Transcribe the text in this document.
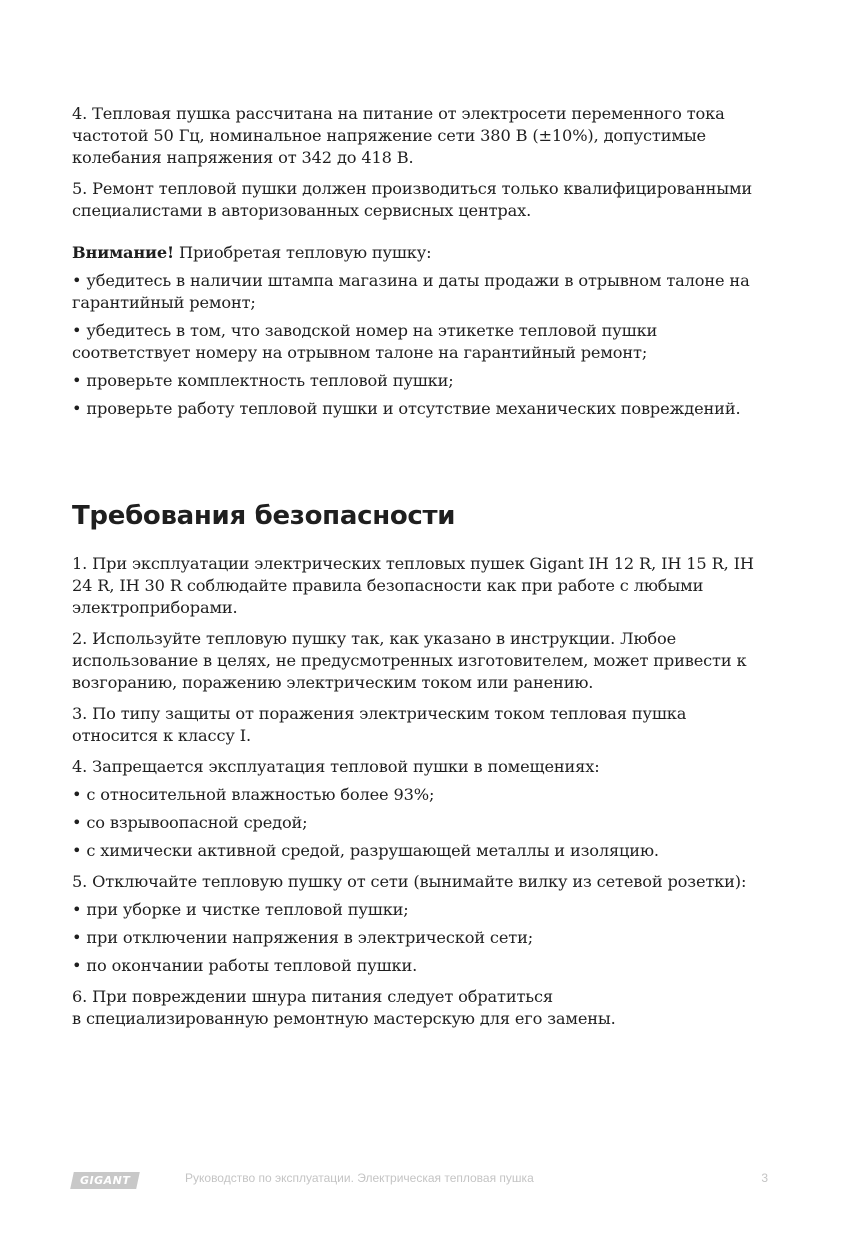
4. Тепловая пушка рассчитана на питание от электросети переменного тока частотой 50 Гц, номинальное напряжение сети 380 В (±10%), допустимые колебания напряжения от 342 до 418 В.

5. Ремонт тепловой пушки должен производиться только квалифицированными специалистами в авторизованных сервисных центрах.

Внимание! Приобретая тепловую пушку:

• убедитесь в наличии штампа магазина и даты продажи в отрывном талоне на гарантийный ремонт;

• убедитесь в том, что заводской номер на этикетке тепловой пушки соответствует номеру на отрывном талоне на гарантийный ремонт;

• проверьте комплектность тепловой пушки;

• проверьте работу тепловой пушки и отсутствие механических повреждений.

Требования безопасности

1. При эксплуатации электрических тепловых пушек Gigant IH 12 R, IH 15 R, IH 24 R, IH 30 R соблюдайте правила безопасности как при работе с любыми электроприборами.

2. Используйте тепловую пушку так, как указано в инструкции. Любое использование в целях, не предусмотренных изготовителем, может привести к возгоранию, поражению электрическим током или ранению.

3. По типу защиты от поражения электрическим током тепловая пушка относится к классу I.

4. Запрещается эксплуатация тепловой пушки в помещениях:

• с относительной влажностью более 93%;

• со взрывоопасной средой;

• с химически активной средой, разрушающей металлы и изоляцию.

5. Отключайте тепловую пушку от сети (вынимайте вилку из сетевой розетки):

• при уборке и чистке тепловой пушки;

• при отключении напряжения в электрической сети;

• по окончании работы тепловой пушки.

6. При повреждении шнура питания следует обратиться
в специализированную ремонтную мастерскую для его замены.

GIGANT	Руководство по эксплуатации. Электрическая тепловая пушка	3
